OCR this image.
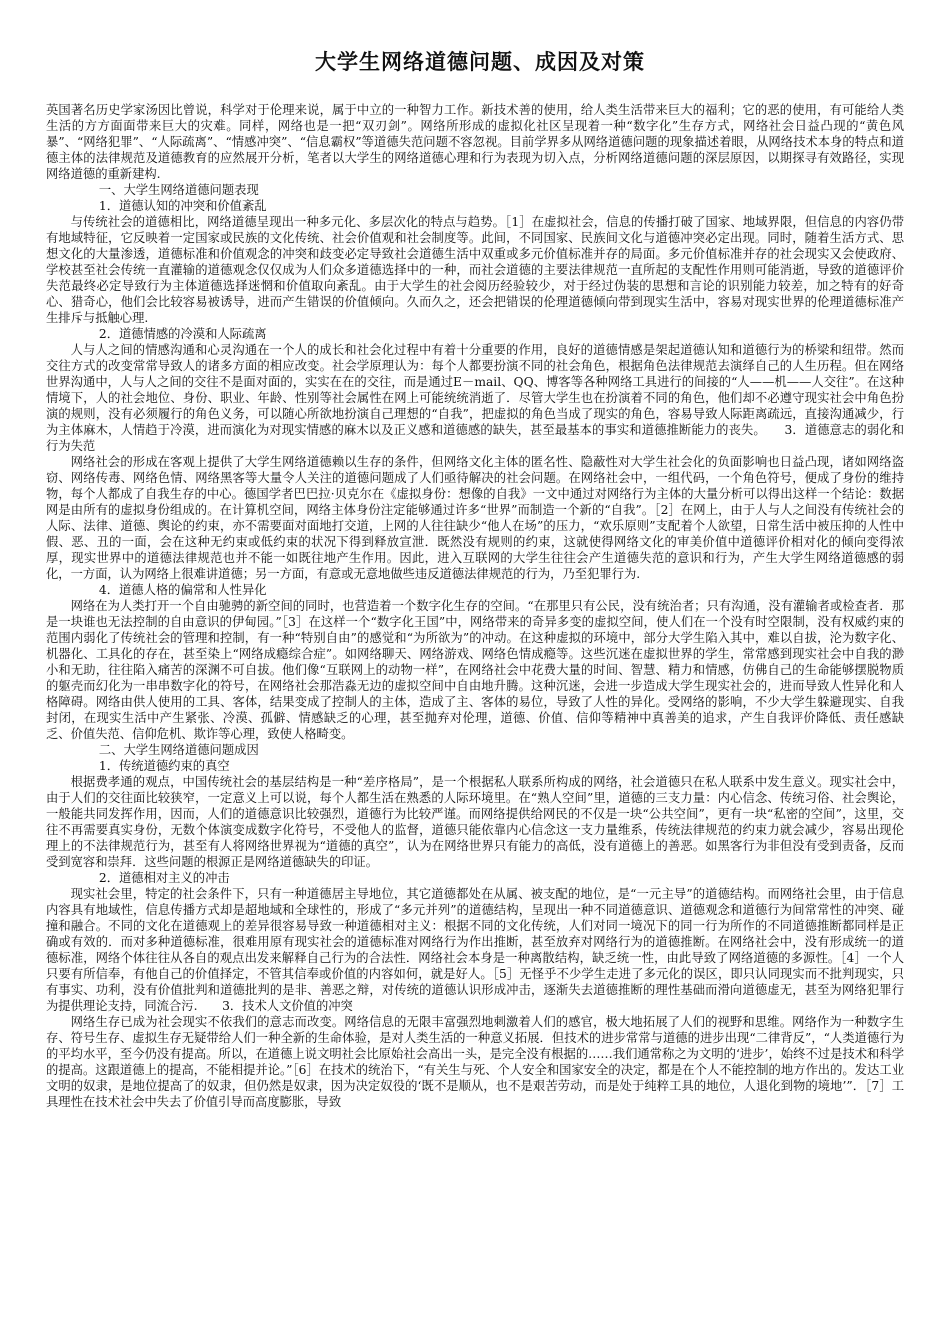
大学生网络道德问题、成因及对策

英国著名历史学家汤因比曾说，科学对于伦理来说，属于中立的一种智力工作。新技术善的使用，给人类生活带来巨大的福利；它的恶的使用，有可能给人类生活的方方面面带来巨大的灾难。同样，网络也是一把“双刃剑”。网络所形成的虚拟化社区呈现着一种“数字化”生存方式，网络社会日益凸现的“黄色风暴”、“网络犯罪”、“人际疏离”、“情感冲突”、“信息霸权”等道德失范问题不容忽视。目前学界多从网络道德问题的现象描述着眼，从网络技术本身的特点和道德主体的法律规范及道德教育的应然展开分析，笔者以大学生的网络道德心理和行为表现为切入点，分析网络道德问题的深层原因，以期探寻有效路径，实现网络道德的重新建构.

一、大学生网络道德问题表现

1．道德认知的冲突和价值紊乱

与传统社会的道德相比，网络道德呈现出一种多元化、多层次化的特点与趋势。［1］在虚拟社会，信息的传播打破了国家、地域界限，但信息的内容仍带有地域特征，它反映着一定国家或民族的文化传统、社会价值观和社会制度等。此间，不同国家、民族间文化与道德冲突必定出现。同时，随着生活方式、思想文化的大量渗透，道德标准和价值观念的冲突和歧变必定导致社会道德生活中双重或多元价值标准并存的局面。多元价值标准并存的社会现实又会使政府、学校甚至社会传统一直灌输的道德观念仅仅成为人们众多道德选择中的一种，而社会道德的主要法律规范一直所起的支配性作用则可能消逝，导致的道德评价失范最终必定导致行为主体道德选择迷惘和价值取向紊乱。由于大学生的社会阅历经验较少，对于经过伪装的思想和言论的识别能力较差，加之特有的好奇心、猎奇心，他们会比较容易被诱导，进而产生错误的价值倾向。久而久之，还会把错误的伦理道德倾向带到现实生活中，容易对现实世界的伦理道德标准产生排斥与抵触心理.

2．道德情感的冷漠和人际疏离

人与人之间的情感沟通和心灵沟通在一个人的成长和社会化过程中有着十分重要的作用，良好的道德情感是架起道德认知和道德行为的桥梁和纽带。然而交往方式的改变常常导致人的诸多方面的相应改变。社会学原理认为：每个人都要扮演不同的社会角色，根据角色法律规范去演绎自己的人生历程。但在网络世界沟通中，人与人之间的交往不是面对面的，实实在在的交往，而是通过E－mail、QQ、博客等各种网络工具进行的间接的“人——机——人交往”。在这种情境下，人的社会地位、身份、职业、年龄、性别等社会属性在网上可能统统消逝了．尽管大学生也在扮演着不同的角色，他们却不必遵守现实社会中角色扮演的规则，没有必须履行的角色义务，可以随心所欲地扮演自己理想的“自我”，把虚拟的角色当成了现实的角色，容易导致人际距离疏远，直接沟通减少，行为主体麻木，人情趋于冷漠，进而演化为对现实情感的麻木以及正义感和道德感的缺失，甚至最基本的事实和道德推断能力的丧失。　　3．道德意志的弱化和行为失范

网络社会的形成在客观上提供了大学生网络道德赖以生存的条件，但网络文化主体的匿名性、隐蔽性对大学生社会化的负面影响也日益凸现，诸如网络盗窃、网络传毒、网络色情、网络黑客等大量令人关注的道德问题成了人们亟待解决的社会问题。在网络社会中，一组代码，一个角色符号，便成了身份的维持物，每个人都成了自我生存的中心。德国学者巴巴拉·贝克尔在《虚拟身份：想像的自我》一文中通过对网络行为主体的大量分析可以得出这样一个结论：数据网是由所有的虚拟身份组成的。在计算机空间，网络主体身份注定能够通过许多“世界”而制造一个新的“自我”。［2］在网上，由于人与人之间没有传统社会的人际、法律、道德、舆论的约束，亦不需要面对面地打交道，上网的人往往缺少“他人在场”的压力，“欢乐原则”支配着个人欲望，日常生活中被压抑的人性中假、恶、丑的一面，会在这种无约束或低约束的状况下得到释放宣泄．既然没有规则的约束，这就使得网络文化的审美价值中道德评价相对化的倾向变得浓厚，现实世界中的道德法律规范也并不能一如既往地产生作用。因此，进入互联网的大学生往往会产生道德失范的意识和行为，产生大学生网络道德感的弱化，一方面，认为网络上很难讲道德；另一方面，有意或无意地做些违反道德法律规范的行为，乃至犯罪行为.

4．道德人格的偏常和人性异化

网络在为人类打开一个自由驰骋的新空间的同时，也营造着一个数字化生存的空间。“在那里只有公民，没有统治者；只有沟通，没有灌输者或检查者．那是一块谁也无法控制的自由意识的伊甸园。”［3］在这样一个“数字化王国”中，网络带来的奇异多变的虚拟空间，使人们在一个没有时空限制，没有权威约束的范围内弱化了传统社会的管理和控制，有一种“特别自由”的感觉和“为所欲为”的冲动。在这种虚拟的环境中，部分大学生陷入其中，难以自拔，沦为数字化、机器化、工具化的存在，甚至染上“网络成瘾综合症”。如网络聊天、网络游戏、网络色情成瘾等。这些沉迷在虚拟世界的学生，常常感到现实社会中自我的渺小和无助，往往陷入痛苦的深渊不可自拔。他们像“互联网上的动物一样”，在网络社会中花费大量的时间、智慧、精力和情感，仿佛自己的生命能够摆脱物质的躯壳而幻化为一串串数字化的符号，在网络社会那浩淼无边的虚拟空间中自由地升腾。这种沉迷，会进一步造成大学生现实社会的，进而导致人性异化和人格障碍。网络由供人使用的工具、客体，结果变成了控制人的主体，造成了主、客体的易位，导致了人性的异化。受网络的影响，不少大学生躲避现实、自我封闭，在现实生活中产生紧张、冷漠、孤僻、情感缺乏的心理，甚至抛弃对伦理，道德、价值、信仰等精神中真善美的追求，产生自我评价降低、责任感缺乏、价值失范、信仰危机、欺诈等心理，致使人格畸变。

二、大学生网络道德问题成因

1．传统道德约束的真空

根据费孝通的观点，中国传统社会的基层结构是一种“差序格局”，是一个根据私人联系所构成的网络，社会道德只在私人联系中发生意义。现实社会中，由于人们的交往面比较狭窄，一定意义上可以说，每个人都生活在熟悉的人际环境里。在“熟人空间”里，道德的三支力量：内心信念、传统习俗、社会舆论，一般能共同发挥作用，因而，人们的道德意识比较强烈，道德行为比较严谨。而网络提供给网民的不仅是一块“公共空间”，更有一块“私密的空间”，这里，交往不再需要真实身份，无数个体演变成数字化符号，不受他人的监督，道德只能依靠内心信念这一支力量维系，传统法律规范的约束力就会减少，容易出现伦理上的不法律规范行为，甚至有人将网络世界视为“道德的真空”，认为在网络世界只有能力的高低，没有道德上的善恶。如黑客行为非但没有受到责备，反而受到宽容和崇拜．这些问题的根源正是网络道德缺失的印证。

2．道德相对主义的冲击

现实社会里，特定的社会条件下，只有一种道德居主导地位，其它道德都处在从属、被支配的地位，是“一元主导”的道德结构。而网络社会里，由于信息内容具有地域性，信息传播方式却是超地域和全球性的，形成了“多元并列”的道德结构，呈现出一种不同道德意识、道德观念和道德行为间常常性的冲突、碰撞和融合。不同的文化在道德观上的差异很容易导致一种道德相对主义：根据不同的文化传统，人们对同一境况下的同一行为所作的不同道德推断都同样是正确或有效的．而对多种道德标准，很难用原有现实社会的道德标准对网络行为作出推断，甚至放弃对网络行为的道德推断。在网络社会中，没有形成统一的道德标准，网络个体往往从各自的观点出发来解释自己行为的合法性．网络社会本身是一种离散结构，缺乏统一性，由此导致了网络道德的多源性。［4］一个人只要有所信奉，有他自己的价值择定，不管其信奉或价值的内容如何，就是好人。［5］无怪乎不少学生走进了多元化的误区，即只认同现实而不批判现实，只有事实、功利，没有价值批判和道德批判的是非、善恶之辩，对传统的道德认识形成冲击，逐渐失去道德推断的理性基础而滑向道德虚无，甚至为网络犯罪行为提供理论支持，同流合污.　　3．技术人文价值的冲突

网络生存已成为社会现实不依我们的意志而改变。网络信息的无限丰富强烈地刺激着人们的感官，极大地拓展了人们的视野和思维。网络作为一种数字生存、符号生存、虚拟生存无疑带给人们一种全新的生命体验，是对人类生活的一种意义拓展．但技术的进步常常与道德的进步出现“二律背反”，“人类道德行为的平均水平，至今仍没有提高。所以，在道德上说文明社会比原始社会高出一头，是完全没有根据的……我们通常称之为文明的‘进步’，始终不过是技术和科学的提高。这跟道德上的提高，不能相提并论。”［6］在技术的统治下，“有关生与死、个人安全和国家安全的决定，都是在个人不能控制的地方作出的。发达工业文明的奴隶，是地位提高了的奴隶，但仍然是奴隶，因为决定奴役的‘既不是顺从，也不是艰苦劳动，而是处于纯粹工具的地位，人退化到物的境地’”．［7］工具理性在技术社会中失去了价值引导而高度膨胀，导致
